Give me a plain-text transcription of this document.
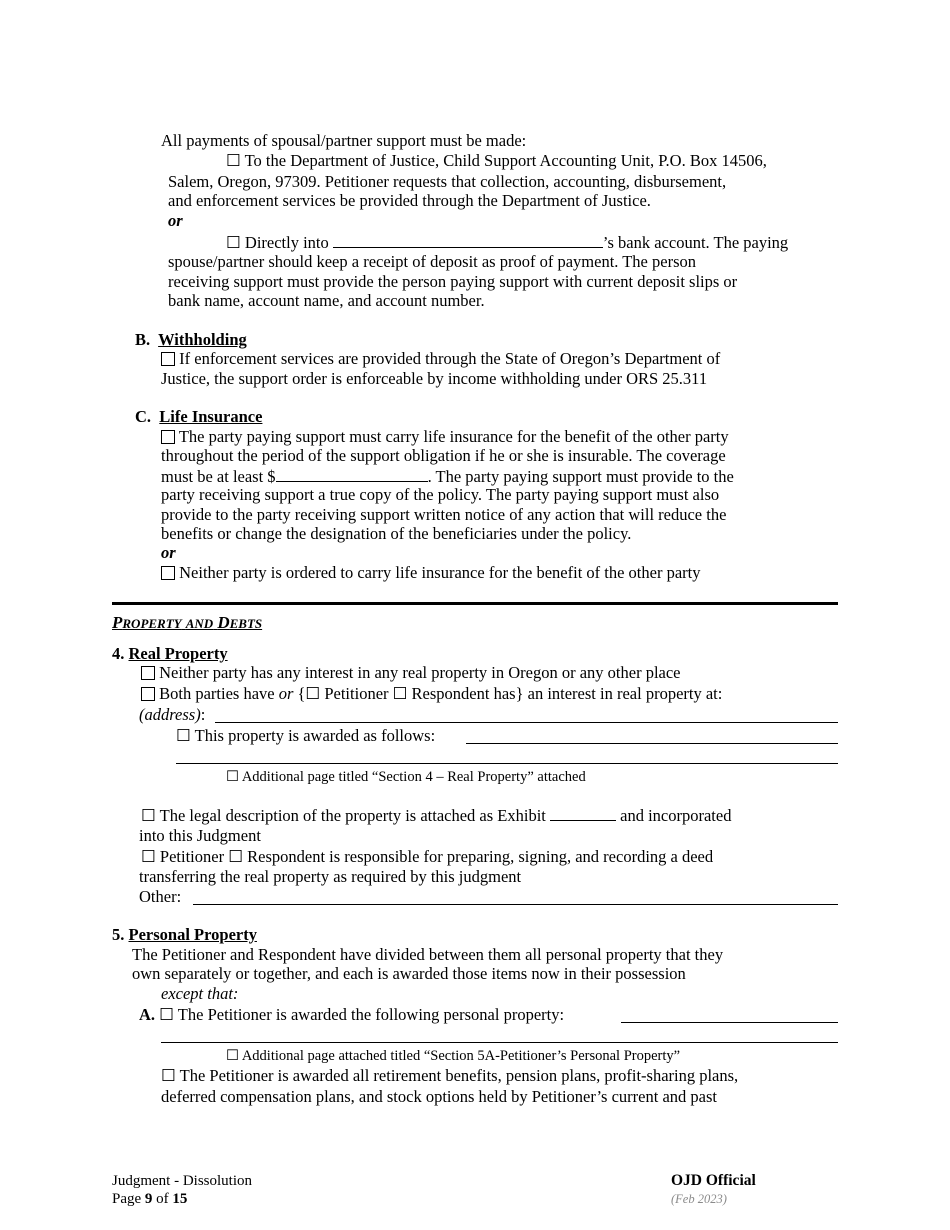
All payments of spousal/partner support must be made:
☐ To the Department of Justice, Child Support Accounting Unit, P.O. Box 14506,
Salem, Oregon, 97309. Petitioner requests that collection, accounting, disbursement,
and enforcement services be provided through the Department of Justice.
or
☐ Directly into	’s bank account. The paying
spouse/partner should keep a receipt of deposit as proof of payment. The person
receiving support must provide the person paying support with current deposit slips or
bank name, account name, and account number.
B. Withholding
If enforcement services are provided through the State of Oregon’s Department of
Justice, the support order is enforceable by income withholding under ORS 25.311
C. Life Insurance
The party paying support must carry life insurance for the benefit of the other party
throughout the period of the support obligation if he or she is insurable. The coverage
must be at least $	. The party paying support must provide to the
party receiving support a true copy of the policy. The party paying support must also
provide to the party receiving support written notice of any action that will reduce the
benefits or change the designation of the beneficiaries under the policy.
or
Neither party is ordered to carry life insurance for the benefit of the other party
PROPERTY AND DEBTS
4. Real Property
Neither party has any interest in any real property in Oregon or any other place
Both parties have or {☐ Petitioner ☐ Respondent has} an interest in real property at:
(address):
☐ This property is awarded as follows:
☐ Additional page titled “Section 4 – Real Property” attached
☐ The legal description of the property is attached as Exhibit	and incorporated
into this Judgment
☐ Petitioner ☐ Respondent is responsible for preparing, signing, and recording a deed
transferring the real property as required by this judgment
Other:
5. Personal Property
The Petitioner and Respondent have divided between them all personal property that they
own separately or together, and each is awarded those items now in their possession
except that:
A. ☐ The Petitioner is awarded the following personal property:
☐ Additional page attached titled “Section 5A-Petitioner’s Personal Property”
☐ The Petitioner is awarded all retirement benefits, pension plans, profit-sharing plans,
deferred compensation plans, and stock options held by Petitioner’s current and past
Judgment - Dissolution
Page 9 of 15
OJD Official
(Feb 2023)
